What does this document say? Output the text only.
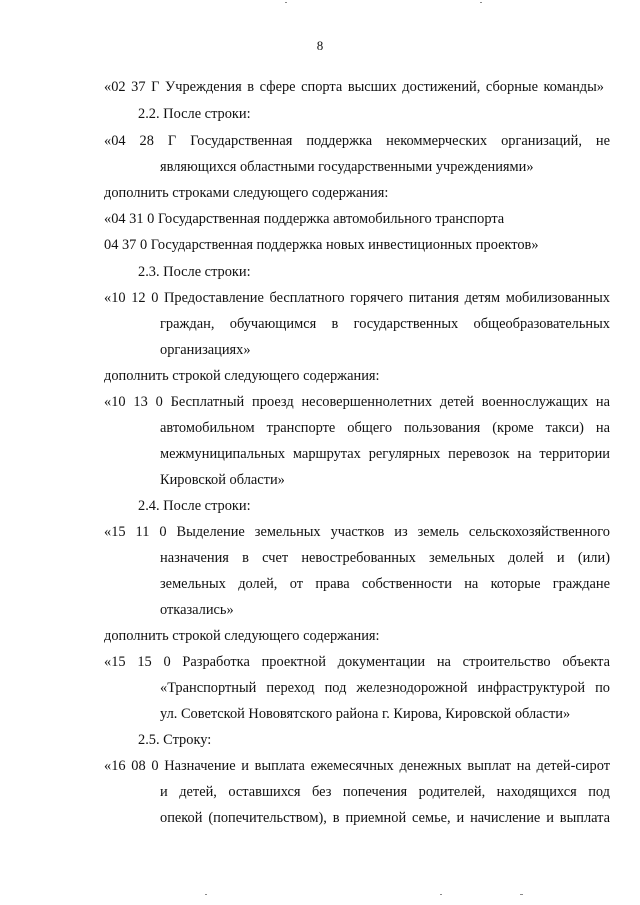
8
«02 37 Г Учреждения в сфере спорта высших достижений, сборные команды»
2.2. После строки:
«04 28 Г Государственная поддержка некоммерческих организаций, не
являющихся областными государственными учреждениями»
дополнить строками следующего содержания:
«04 31 0 Государственная поддержка автомобильного транспорта
04 37 0 Государственная поддержка новых инвестиционных проектов»
2.3. После строки:
«10 12 0 Предоставление бесплатного горячего питания детям мобилизованных
граждан, обучающимся в государственных общеобразовательных
организациях»
дополнить строкой следующего содержания:
«10 13 0 Бесплатный проезд несовершеннолетних детей военнослужащих на
автомобильном транспорте общего пользования (кроме такси) на
межмуниципальных маршрутах регулярных перевозок на территории
Кировской области»
2.4. После строки:
«15 11 0 Выделение земельных участков из земель сельскохозяйственного
назначения в счет невостребованных земельных долей и (или)
земельных долей, от права собственности на которые граждане
отказались»
дополнить строкой следующего содержания:
«15 15 0 Разработка проектной документации на строительство объекта
«Транспортный переход под железнодорожной инфраструктурой по
ул. Советской Нововятского района г. Кирова, Кировской области»
2.5. Строку:
«16 08 0 Назначение и выплата ежемесячных денежных выплат на детей-сирот
и детей, оставшихся без попечения родителей, находящихся под
опекой (попечительством), в приемной семье, и начисление и выплата
